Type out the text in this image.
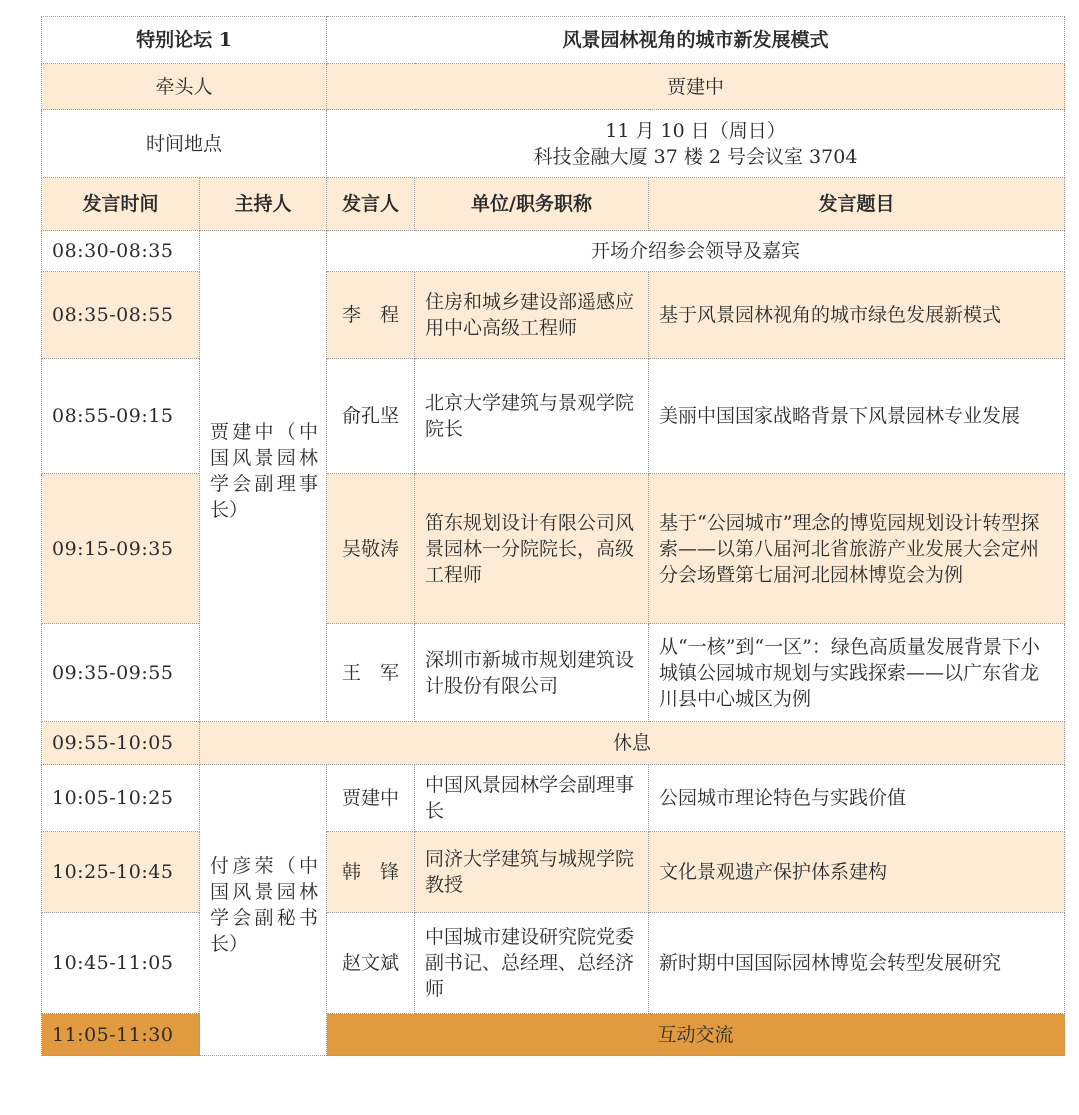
特别论坛 1		风景园林视角的城市新发展模式		
牵头人		贾建中		
时间地点		11 月 10 日（周日）
科技金融大厦 37 楼 2 号会议室 3704		

发言时间	主持人	发言人	单位/职务职称	发言题目
08:30-08:35	贾建中（中国风景园林学会副理事长）	开场介绍参会领导及嘉宾		
08:35-08:55		李　程	住房和城乡建设部遥感应用中心高级工程师	基于风景园林视角的城市绿色发展新模式
08:55-09:15		俞孔坚	北京大学建筑与景观学院院长	美丽中国国家战略背景下风景园林专业发展
09:15-09:35		吴敬涛	笛东规划设计有限公司风景园林一分院院长，高级工程师	基于“公园城市”理念的博览园规划设计转型探索——以第八届河北省旅游产业发展大会定州分会场暨第七届河北园林博览会为例
09:35-09:55		王　军	深圳市新城市规划建筑设计股份有限公司	从“一核”到“一区”：绿色高质量发展背景下小城镇公园城市规划与实践探索——以广东省龙川县中心城区为例
09:55-10:05	休息			
10:05-10:25	付彦荣（中国风景园林学会副秘书长）	贾建中	中国风景园林学会副理事长	公园城市理论特色与实践价值
10:25-10:45		韩　锋	同济大学建筑与城规学院教授	文化景观遗产保护体系建构
10:45-11:05		赵文斌	中国城市建设研究院党委副书记、总经理、总经济师	新时期中国国际园林博览会转型发展研究
11:05-11:30		互动交流		
